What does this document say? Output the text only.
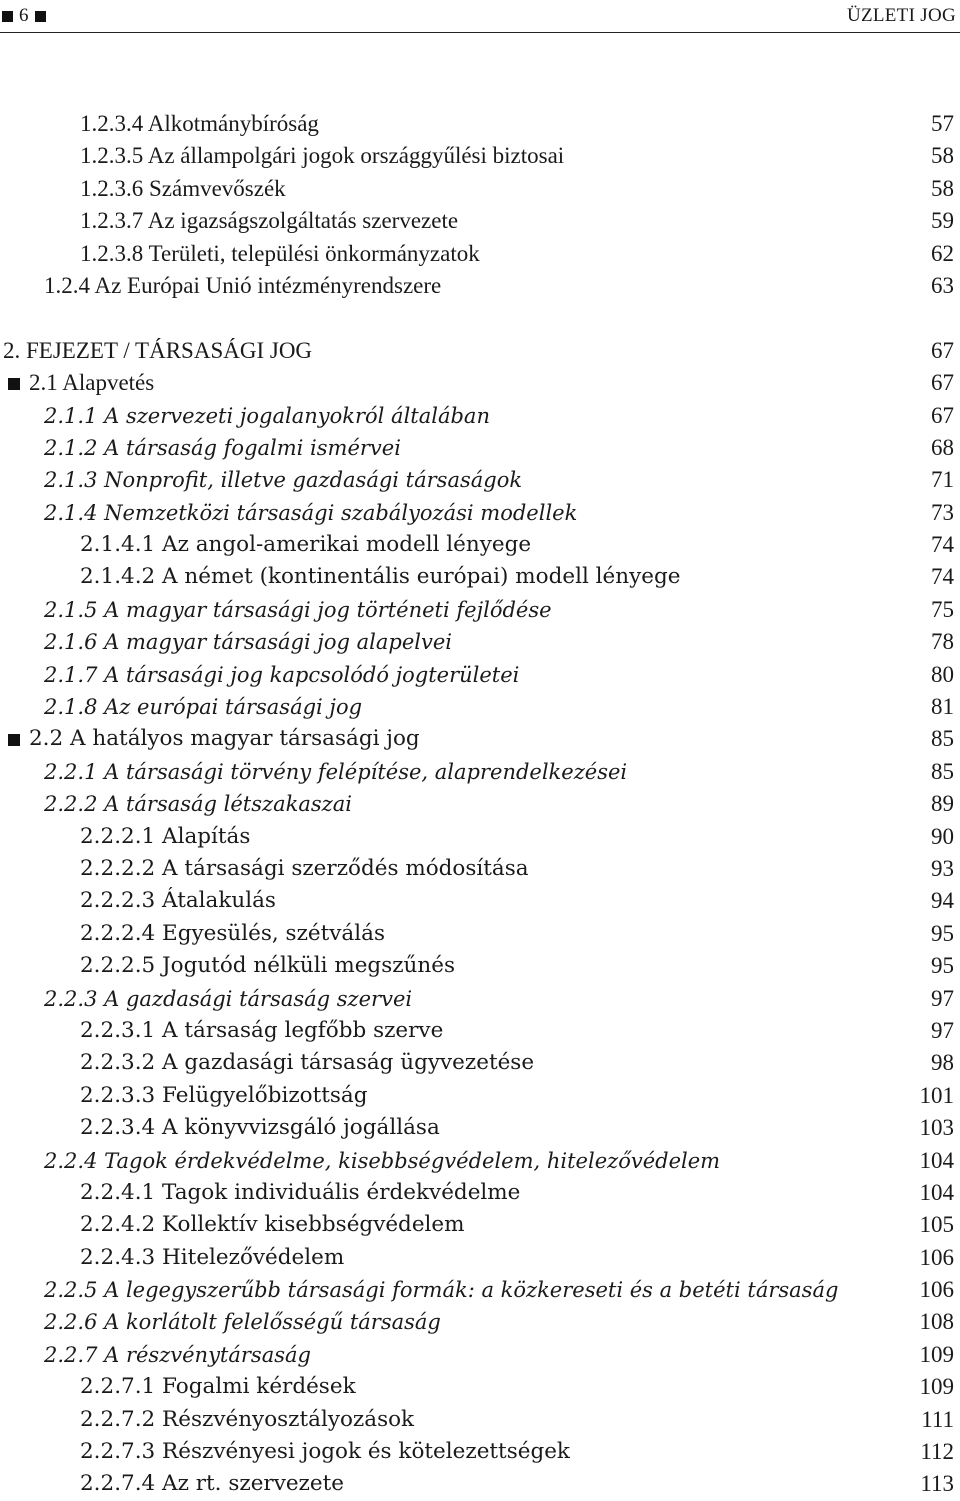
6	ÜZLETI JOG
1.2.3.4 Alkotmánybíróság	57
1.2.3.5 Az állampolgári jogok országgyűlési biztosai	58
1.2.3.6 Számvevőszék	58
1.2.3.7 Az igazságszolgáltatás szervezete	59
1.2.3.8 Területi, települési önkormányzatok	62
1.2.4 Az Európai Unió intézményrendszere	63
2. FEJEZET / TÁRSASÁGI JOG	67
2.1 Alapvetés	67
2.1.1 A szervezeti jogalanyokról általában	67
2.1.2 A társaság fogalmi ismérvei	68
2.1.3 Nonprofit, illetve gazdasági társaságok	71
2.1.4 Nemzetközi társasági szabályozási modellek	73
2.1.4.1 Az angol-amerikai modell lényege	74
2.1.4.2 A német (kontinentális európai) modell lényege	74
2.1.5 A magyar társasági jog történeti fejlődése	75
2.1.6 A magyar társasági jog alapelvei	78
2.1.7 A társasági jog kapcsolódó jogterületei	80
2.1.8 Az európai társasági jog	81
2.2 A hatályos magyar társasági jog	85
2.2.1 A társasági törvény felépítése, alaprendelkezései	85
2.2.2 A társaság létszakaszai	89
2.2.2.1 Alapítás	90
2.2.2.2 A társasági szerződés módosítása	93
2.2.2.3 Átalakulás	94
2.2.2.4 Egyesülés, szétválás	95
2.2.2.5 Jogutód nélküli megszűnés	95
2.2.3 A gazdasági társaság szervei	97
2.2.3.1 A társaság legfőbb szerve	97
2.2.3.2 A gazdasági társaság ügyvezetése	98
2.2.3.3 Felügyelőbizottság	101
2.2.3.4 A könyvvizsgáló jogállása	103
2.2.4 Tagok érdekvédelme, kisebbségvédelem, hitelezővédelem	104
2.2.4.1 Tagok individuális érdekvédelme	104
2.2.4.2 Kollektív kisebbségvédelem	105
2.2.4.3 Hitelezővédelem	106
2.2.5 A legegyszerűbb társasági formák: a közkereseti és a betéti társaság	106
2.2.6 A korlátolt felelősségű társaság	108
2.2.7 A részvénytársaság	109
2.2.7.1 Fogalmi kérdések	109
2.2.7.2 Részvényosztályozások	111
2.2.7.3 Részvényesi jogok és kötelezettségek	112
2.2.7.4 Az rt. szervezete	113
